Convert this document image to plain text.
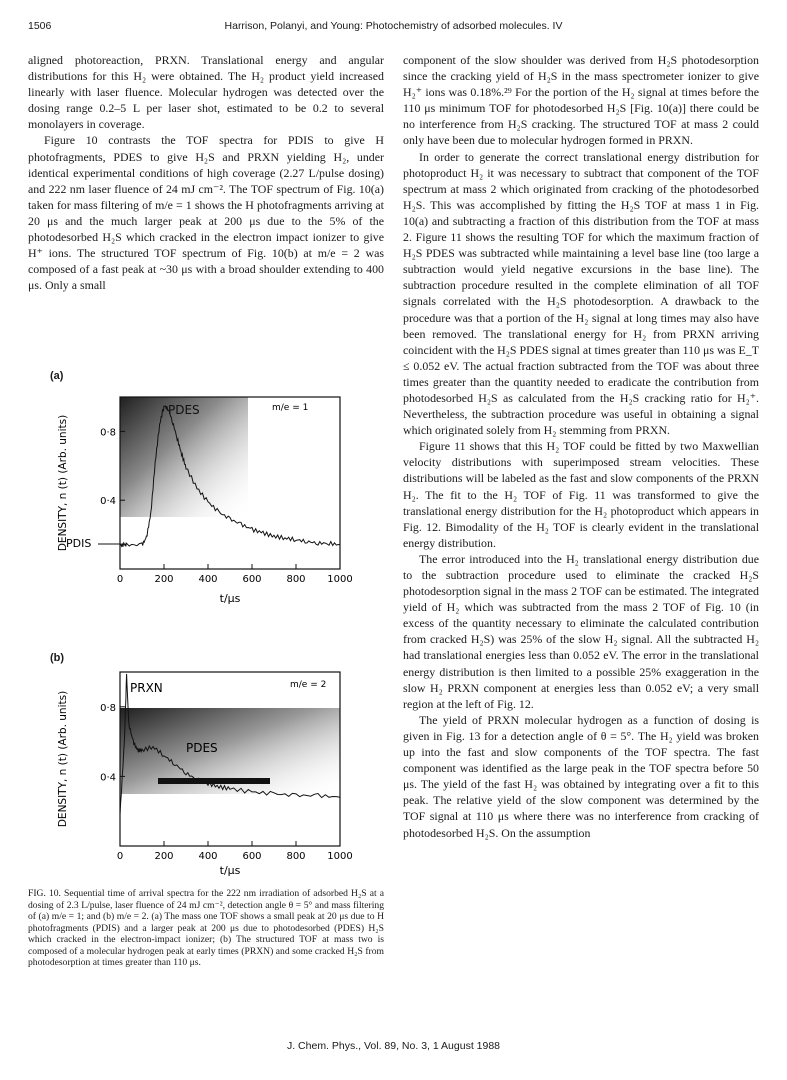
1506	Harrison, Polanyi, and Young: Photochemistry of adsorbed molecules. IV

aligned photoreaction, PRXN. Translational energy and angular distributions for this H₂ were obtained. The H₂ product yield increased linearly with laser fluence. Molecular hydrogen was detected over the dosing range 0.2–5 L per laser shot, estimated to be 0.2 to several monolayers in coverage.

Figure 10 contrasts the TOF spectra for PDIS to give H photofragments, PDES to give H₂S and PRXN yielding H₂, under identical experimental conditions of high coverage (2.27 L/pulse dosing) and 222 nm laser fluence of 24 mJ cm⁻². The TOF spectrum of Fig. 10(a) taken for mass filtering of m/e = 1 shows the H photofragments arriving at 20 μs and the much larger peak at 200 μs due to the 5% of the photodesorbed H₂S which cracked in the electron impact ionizer to give H⁺ ions. The structured TOF spectrum of Fig. 10(b) at m/e = 2 was composed of a fast peak at ~30 μs with a broad shoulder extending to 400 μs. Only a small

(a)
0	200 400 600 800 1000
0·4
0·8
m/e = 1
PDES
PDIS
t/μs
DENSITY, n (t) (Arb. units)
(b)
0	200 400 600 800 1000
0·4
0·8
m/e = 2
PRXN
PDES
t/μs
DENSITY, n (t) (Arb. units)
FIG. 10. Sequential time of arrival spectra for the 222 nm irradiation of adsorbed H₂S at a dosing of 2.3 L/pulse, laser fluence of 24 mJ cm⁻², detection angle θ = 5° and mass filtering of (a) m/e = 1; and (b) m/e = 2. (a) The mass one TOF shows a small peak at 20 μs due to H photofragments (PDIS) and a larger peak at 200 μs due to photodesorbed (PDES) H₂S which cracked in the electron-impact ionizer; (b) The structured TOF at mass two is composed of a molecular hydrogen peak at early times (PRXN) and some cracked H₂S from photodesorption at times greater than 110 μs.

component of the slow shoulder was derived from H₂S photodesorption since the cracking yield of H₂S in the mass spectrometer ionizer to give H₂⁺ ions was 0.18%.²⁹ For the portion of the H₂ signal at times before the 110 μs minimum TOF for photodesorbed H₂S [Fig. 10(a)] there could be no interference from H₂S cracking. The structured TOF at mass 2 could only have been due to molecular hydrogen formed in PRXN.

In order to generate the correct translational energy distribution for photoproduct H₂ it was necessary to subtract that component of the TOF spectrum at mass 2 which originated from cracking of the photodesorbed H₂S. This was accomplished by fitting the H₂S TOF at mass 1 in Fig. 10(a) and subtracting a fraction of this distribution from the TOF at mass 2. Figure 11 shows the resulting TOF for which the maximum fraction of H₂S PDES was subtracted while maintaining a level base line (too large a subtraction would yield negative excursions in the base line). The subtraction procedure resulted in the complete elimination of all TOF signals correlated with the H₂S photodesorption. A drawback to the procedure was that a portion of the H₂ signal at long times may also have been removed. The translational energy for H₂ from PRXN arriving coincident with the H₂S PDES signal at times greater than 110 μs was E_T ≤ 0.052 eV. The actual fraction subtracted from the TOF was about three times greater than the quantity needed to eradicate the contribution from photodesorbed H₂S as calculated from the H₂S cracking ratio for H₂⁺. Nevertheless, the subtraction procedure was useful in obtaining a signal which originated solely from H₂ stemming from PRXN.

Figure 11 shows that this H₂ TOF could be fitted by two Maxwellian velocity distributions with superimposed stream velocities. These distributions will be labeled as the fast and slow components of the PRXN H₂. The fit to the H₂ TOF of Fig. 11 was transformed to give the translational energy distribution for the H₂ photoproduct which appears in Fig. 12. Bimodality of the H₂ TOF is clearly evident in the translational energy distribution.

The error introduced into the H₂ translational energy distribution due to the subtraction procedure used to eliminate the cracked H₂S photodesorption signal in the mass 2 TOF can be estimated. The integrated yield of H₂ which was subtracted from the mass 2 TOF of Fig. 10 (in excess of the quantity necessary to eliminate the calculated contribution from cracked H₂S) was 25% of the slow H₂ signal. All the subtracted H₂ had translational energies less than 0.052 eV. The error in the translational energy distribution is then limited to a possible 25% exaggeration in the slow H₂ PRXN component at energies less than 0.052 eV; a very small region at the left of Fig. 12.

The yield of PRXN molecular hydrogen as a function of dosing is given in Fig. 13 for a detection angle of θ = 5°. The H₂ yield was broken up into the fast and slow components of the TOF spectra. The fast component was identified as the large peak in the TOF spectra before 50 μs. The yield of the fast H₂ was obtained by integrating over a fit to this peak. The relative yield of the slow component was determined by the TOF signal at 110 μs where there was no interference from cracking of photodesorbed H₂S. On the assumption

J. Chem. Phys., Vol. 89, No. 3, 1 August 1988
